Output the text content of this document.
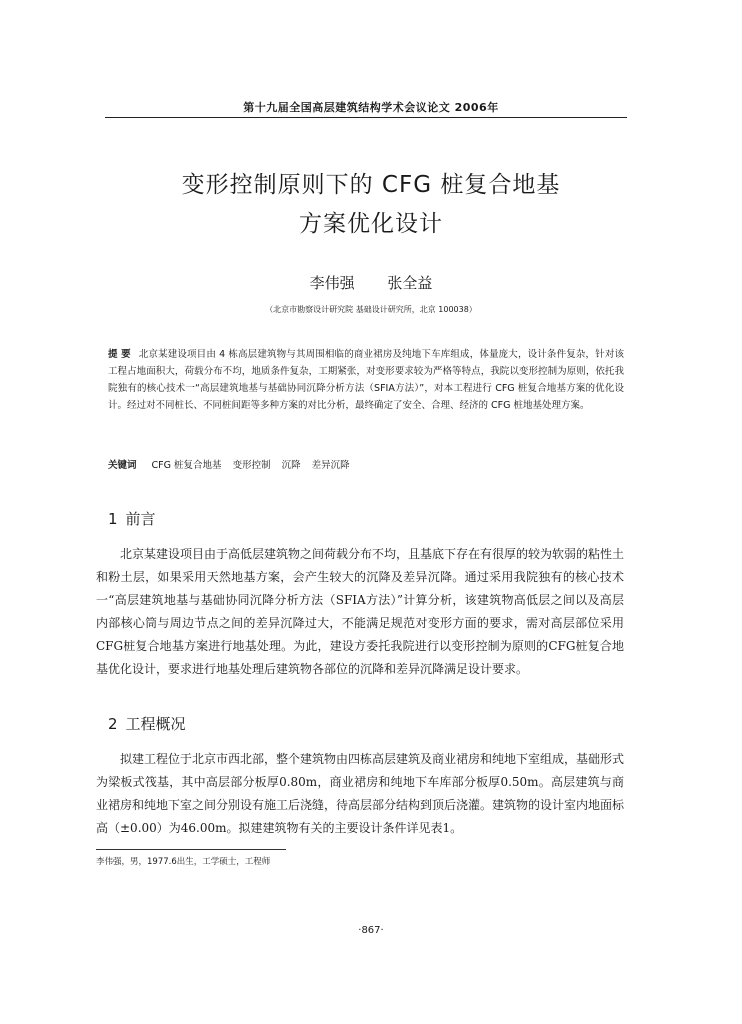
第十九届全国高层建筑结构学术会议论文 2006年
变形控制原则下的 CFG 桩复合地基
方案优化设计
李伟强 张全益
（北京市勘察设计研究院 基础设计研究所，北京 100038）
提 要 北京某建设项目由 4 栋高层建筑物与其周围相临的商业裙房及纯地下车库组成，体量庞大，设计条件复杂，针对该工程占地面积大，荷载分布不均，地质条件复杂，工期紧张，对变形要求较为严格等特点，我院以变形控制为原则，依托我院独有的核心技术一“高层建筑地基与基础协同沉降分析方法（SFIA方法）”，对本工程进行 CFG 桩复合地基方案的优化设计。经过对不同桩长、不同桩间距等多种方案的对比分析，最终确定了安全、合理、经济的 CFG 桩地基处理方案。
关键词 CFG 桩复合地基 变形控制 沉降 差异沉降
1 前言
北京某建设项目由于高低层建筑物之间荷载分布不均，且基底下存在有很厚的较为软弱的粘性土和粉土层，如果采用天然地基方案，会产生较大的沉降及差异沉降。通过采用我院独有的核心技术一“高层建筑地基与基础协同沉降分析方法（SFIA方法）”计算分析，该建筑物高低层之间以及高层内部核心筒与周边节点之间的差异沉降过大，不能满足规范对变形方面的要求，需对高层部位采用CFG桩复合地基方案进行地基处理。为此，建设方委托我院进行以变形控制为原则的CFG桩复合地基优化设计，要求进行地基处理后建筑物各部位的沉降和差异沉降满足设计要求。
2 工程概况
拟建工程位于北京市西北部，整个建筑物由四栋高层建筑及商业裙房和纯地下室组成，基础形式为梁板式筏基，其中高层部分板厚0.80m，商业裙房和纯地下车库部分板厚0.50m。高层建筑与商业裙房和纯地下室之间分别设有施工后浇缝，待高层部分结构到顶后浇灌。建筑物的设计室内地面标高（±0.00）为46.00m。拟建建筑物有关的主要设计条件详见表1。
李伟强，男，1977.6出生，工学硕士，工程师
·867·
